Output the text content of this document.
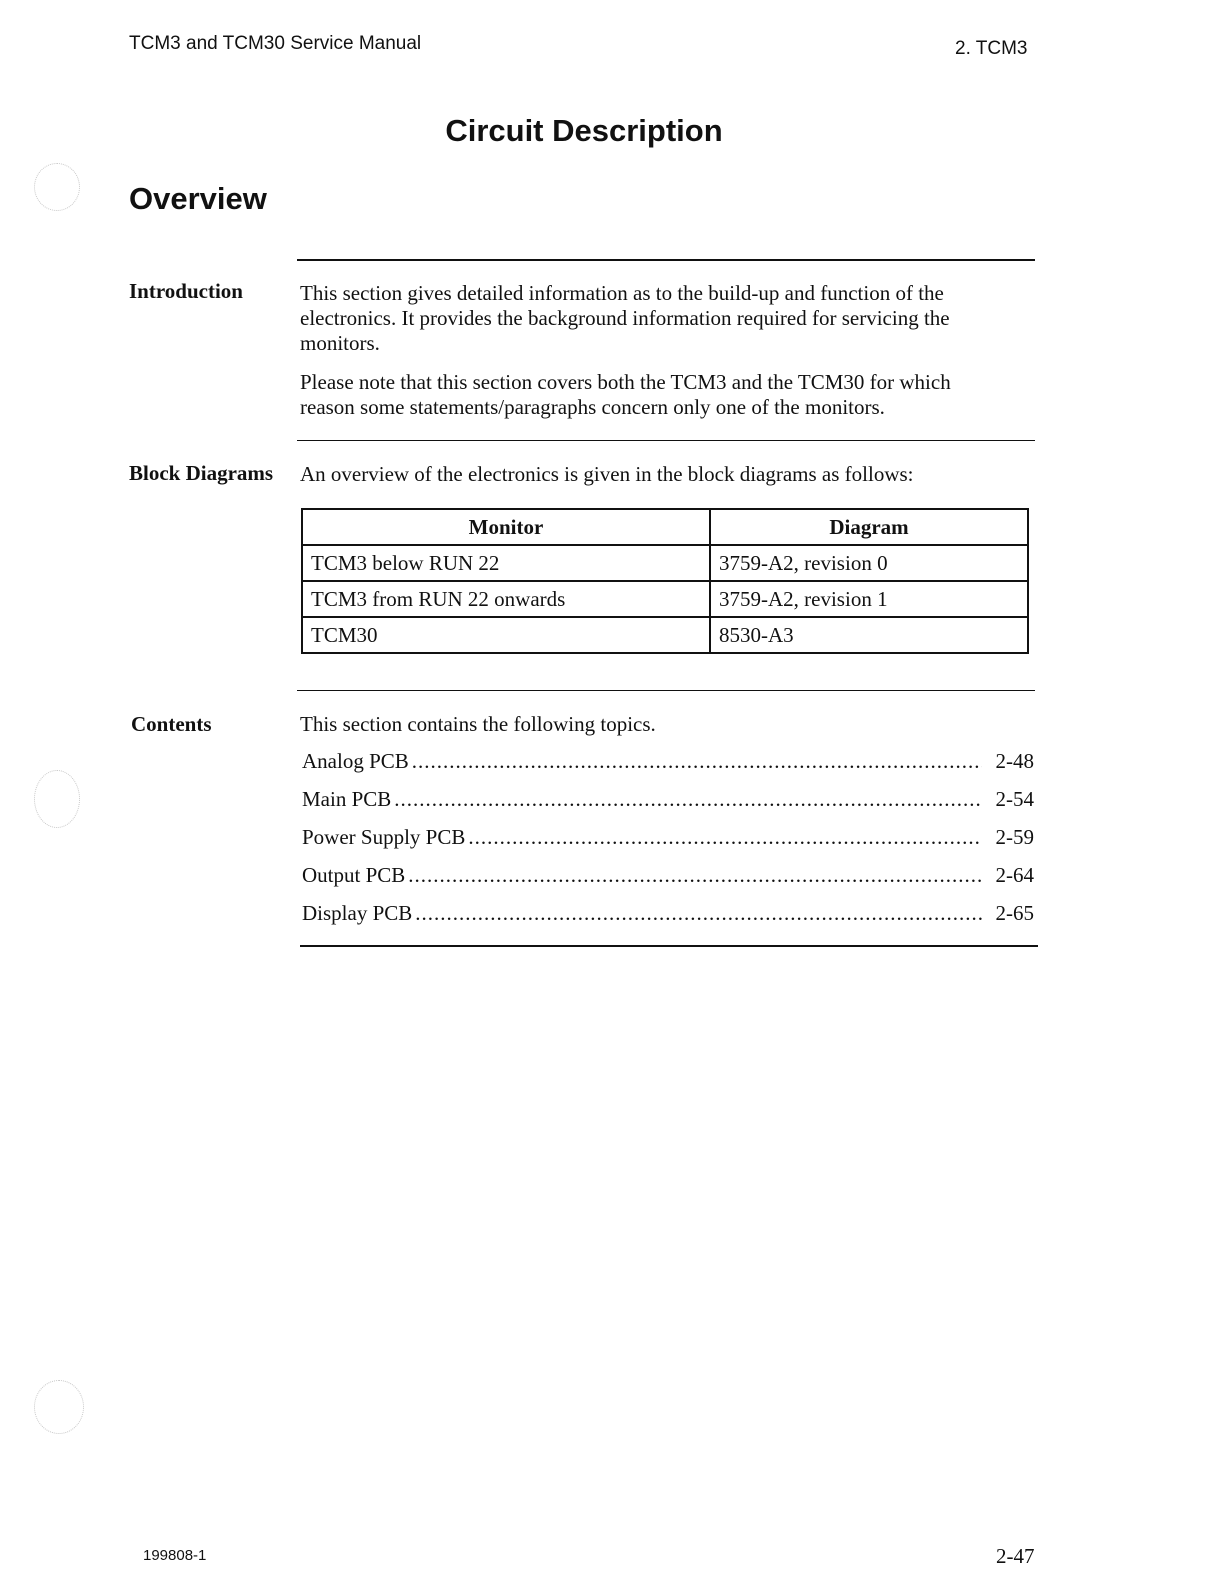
TCM3 and TCM30 Service Manual	2. TCM3
Circuit Description
Overview
Introduction	This section gives detailed information as to the build-up and function of the electronics. It provides the background information required for servicing the monitors.
Please note that this section covers both the TCM3 and the TCM30 for which reason some statements/paragraphs concern only one of the monitors.
Block Diagrams An overview of the electronics is given in the block diagrams as follows:
Monitor	Diagram
TCM3 below RUN 22	3759-A2, revision 0
TCM3 from RUN 22 onwards	3759-A2, revision 1
TCM30	8530-A3
Contents	This section contains the following topics.
Analog PCB .....	2-48
Main PCB .....	2-54
Power Supply PCB .....	2-59
Output PCB .....	2-64
Display PCB .....	2-65
199808-1	2-47
